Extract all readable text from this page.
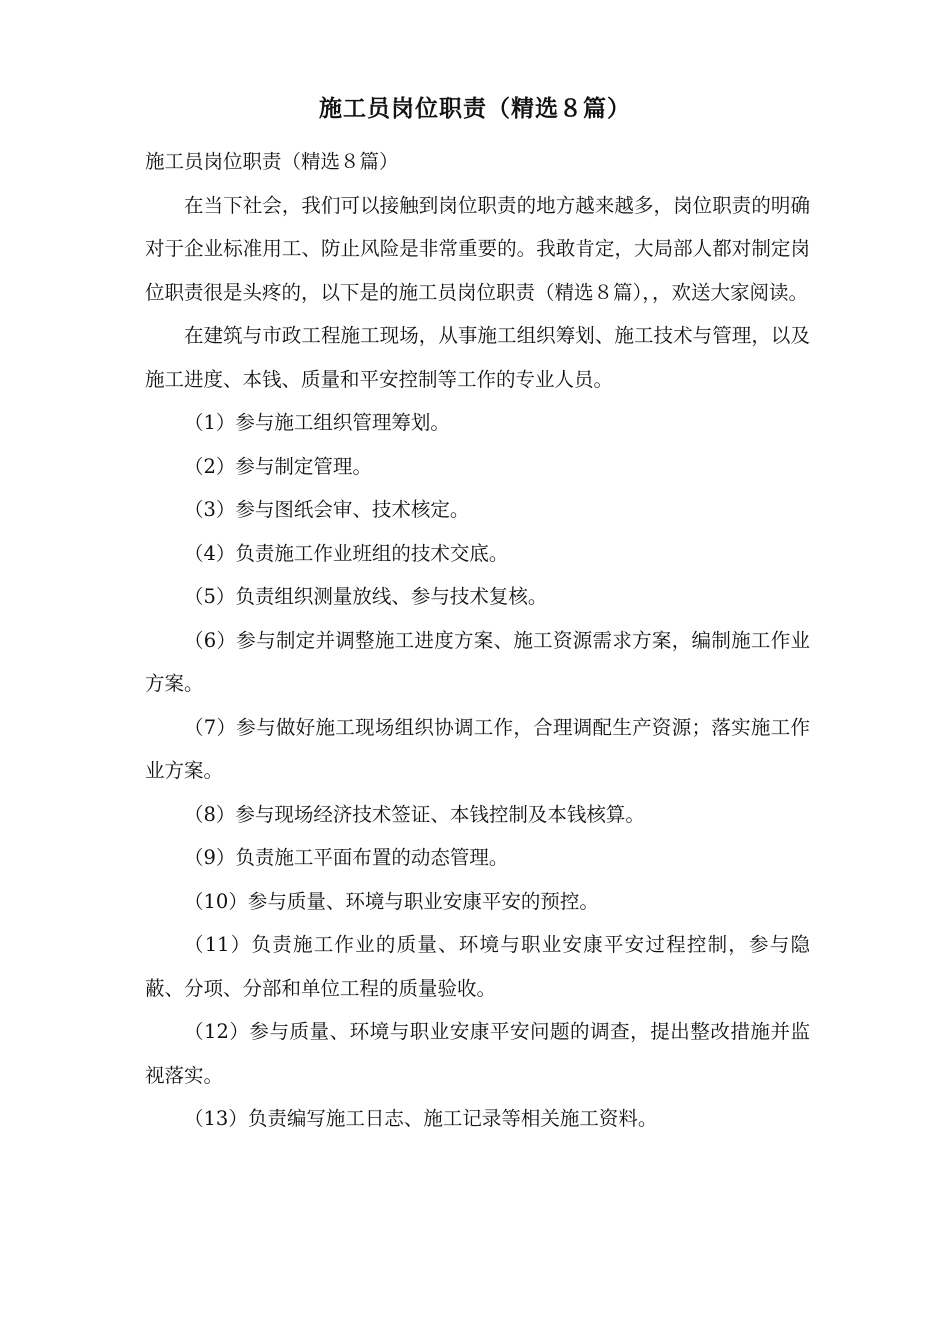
施工员岗位职责（精选８篇）

施工员岗位职责（精选８篇）

在当下社会，我们可以接触到岗位职责的地方越来越多，岗位职责的明确对于企业标准用工、防止风险是非常重要的。我敢肯定，大局部人都对制定岗位职责很是头疼的，以下是的施工员岗位职责（精选８篇），，欢送大家阅读。

在建筑与市政工程施工现场，从事施工组织筹划、施工技术与管理，以及施工进度、本钱、质量和平安控制等工作的专业人员。

（1）参与施工组织管理筹划。

（2）参与制定管理。

（3）参与图纸会审、技术核定。

（4）负责施工作业班组的技术交底。

（5）负责组织测量放线、参与技术复核。

（6）参与制定并调整施工进度方案、施工资源需求方案，编制施工作业方案。

（7）参与做好施工现场组织协调工作，合理调配生产资源；落实施工作业方案。

（8）参与现场经济技术签证、本钱控制及本钱核算。

（9）负责施工平面布置的动态管理。

（10）参与质量、环境与职业安康平安的预控。

（11）负责施工作业的质量、环境与职业安康平安过程控制，参与隐蔽、分项、分部和单位工程的质量验收。

（12）参与质量、环境与职业安康平安问题的调查，提出整改措施并监视落实。

（13）负责编写施工日志、施工记录等相关施工资料。
